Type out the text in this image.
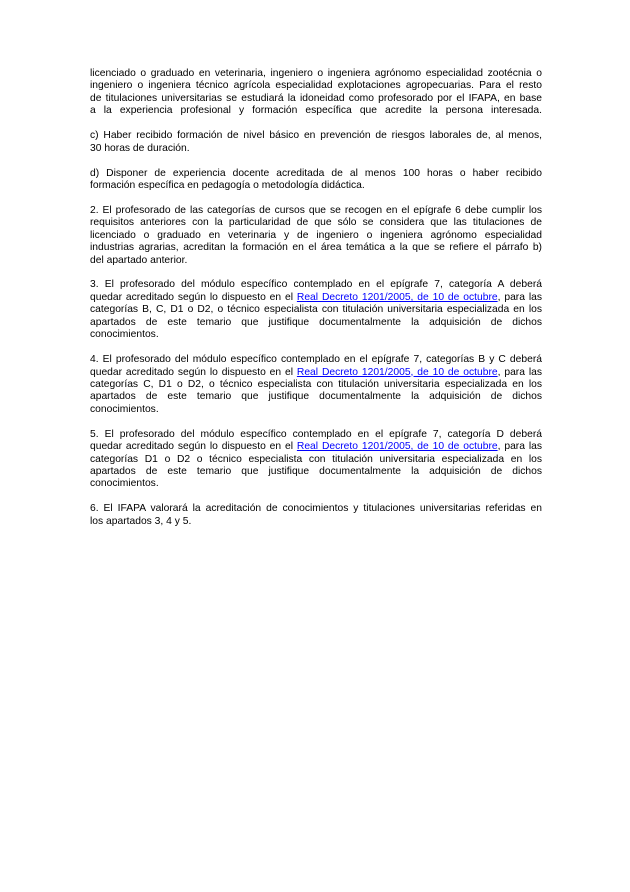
licenciado o graduado en veterinaria, ingeniero o ingeniera agrónomo especialidad zootécnia o
ingeniero o ingeniera técnico agrícola especialidad explotaciones agropecuarias. Para el resto
de titulaciones universitarias se estudiará la idoneidad como profesorado por el IFAPA, en base
a la experiencia profesional y formación específica que acredite la persona interesada.
c) Haber recibido formación de nivel básico en prevención de riesgos laborales de, al menos,
30 horas de duración.
d) Disponer de experiencia docente acreditada de al menos 100 horas o haber recibido
formación específica en pedagogía o metodología didáctica.
2. El profesorado de las categorías de cursos que se recogen en el epígrafe 6 debe cumplir los
requisitos anteriores con la particularidad de que sólo se considera que las titulaciones de
licenciado o graduado en veterinaria y de ingeniero o ingeniera agrónomo especialidad
industrias agrarias, acreditan la formación en el área temática a la que se refiere el párrafo b)
del apartado anterior.
3. El profesorado del módulo específico contemplado en el epígrafe 7, categoría A deberá
quedar acreditado según lo dispuesto en el Real Decreto 1201/2005, de 10 de octubre, para las
categorías B, C, D1 o D2, o técnico especialista con titulación universitaria especializada en los
apartados de este temario que justifique documentalmente la adquisición de dichos
conocimientos.
4. El profesorado del módulo específico contemplado en el epígrafe 7, categorías B y C deberá
quedar acreditado según lo dispuesto en el Real Decreto 1201/2005, de 10 de octubre, para las
categorías C, D1 o D2, o técnico especialista con titulación universitaria especializada en los
apartados de este temario que justifique documentalmente la adquisición de dichos
conocimientos.
5. El profesorado del módulo específico contemplado en el epígrafe 7, categoría D deberá
quedar acreditado según lo dispuesto en el Real Decreto 1201/2005, de 10 de octubre, para las
categorías D1 o D2 o técnico especialista con titulación universitaria especializada en los
apartados de este temario que justifique documentalmente la adquisición de dichos
conocimientos.
6. El IFAPA valorará la acreditación de conocimientos y titulaciones universitarias referidas en
los apartados 3, 4 y 5.
